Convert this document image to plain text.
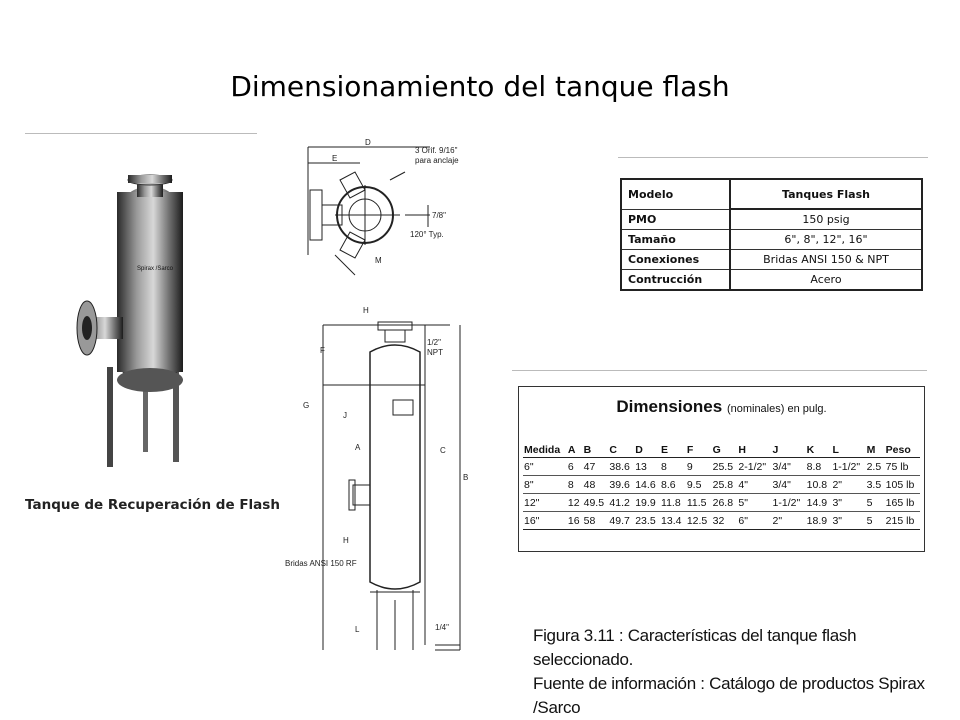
Dimensionamiento del tanque flash
Spirax /Sarco
Tanque de Recuperación de Flash
D
E
3 Orif. 9/16"
para anclaje
7/8"
120° Typ.
M
H
1/2"
NPT
F
G
J
A	C
B
H
Bridas ANSI 150 RF
L	1/4"
Modelo	Tanques Flash
PMO	150 psig
Tamaño	6", 8", 12", 16"
Conexiones	Bridas ANSI 150 & NPT
Contrucción	Acero
Dimensiones (nominales) en pulg.
Medida	A	B	C	D	E	F	G	H	J	K	L	M	Peso
6"	6	47	38.6	13	8	9	25.5	2-1/2"	3/4"	8.8	1-1/2"	2.5	75 lb
8"	8	48	39.6	14.6	8.6	9.5	25.8	4"	3/4"	10.8	2"	3.5	105 lb
12"	12	49.5	41.2	19.9	11.8	11.5	26.8	5"	1-1/2"	14.9	3"	5	165 lb
16"	16	58	49.7	23.5	13.4	12.5	32	6"	2"	18.9	3"	5	215 lb
Figura 3.11 : Características del tanque flash seleccionado.
Fuente de información : Catálogo de productos Spirax /Sarco
